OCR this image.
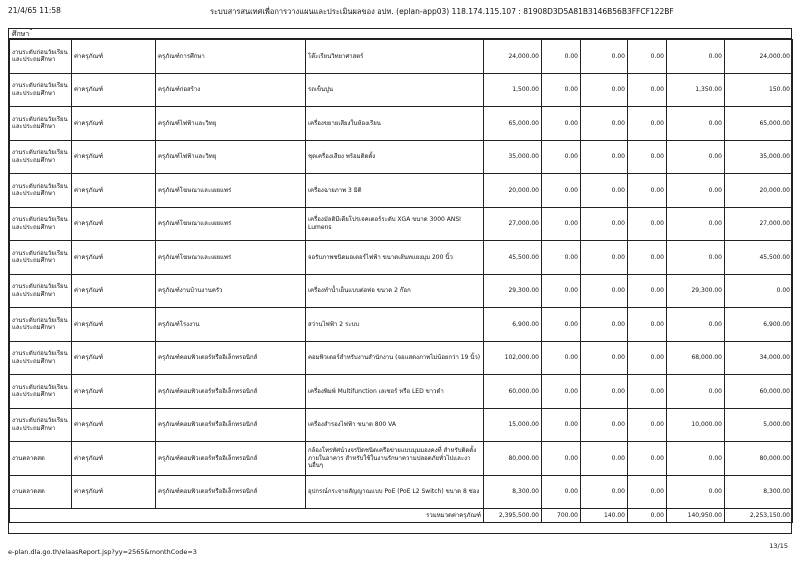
21/4/65 11:58	ระบบสารสนเทศเพื่อการวางแผนและประเมินผลของ อปท. (eplan-app03) 118.174.115.107 : 81908D3D5A81B3146B56B3FFCF122BF
ศึกษา
งานระดับก่อนวัยเรียนและประถมศึกษา	ค่าครุภัณฑ์	ครุภัณฑ์การศึกษา	โต๊ะเรียนวิทยาศาสตร์	24,000.00	0.00	0.00	0.00	0.00	24,000.00
งานระดับก่อนวัยเรียนและประถมศึกษา	ค่าครุภัณฑ์	ครุภัณฑ์ก่อสร้าง	รถเข็นปูน	1,500.00	0.00	0.00	0.00	1,350.00	150.00
งานระดับก่อนวัยเรียนและประถมศึกษา	ค่าครุภัณฑ์	ครุภัณฑ์ไฟฟ้าและวิทยุ	เครื่องขยายเสียงในห้องเรียน	65,000.00	0.00	0.00	0.00	0.00	65,000.00
งานระดับก่อนวัยเรียนและประถมศึกษา	ค่าครุภัณฑ์	ครุภัณฑ์ไฟฟ้าและวิทยุ	ชุดเครื่องเสียง พร้อมติดตั้ง	35,000.00	0.00	0.00	0.00	0.00	35,000.00
งานระดับก่อนวัยเรียนและประถมศึกษา	ค่าครุภัณฑ์	ครุภัณฑ์โฆษณาและเผยแพร่	เครื่องฉายภาพ 3 มิติ	20,000.00	0.00	0.00	0.00	0.00	20,000.00
งานระดับก่อนวัยเรียนและประถมศึกษา	ค่าครุภัณฑ์	ครุภัณฑ์โฆษณาและเผยแพร่	เครื่องมัลติมีเดียโปรเจคเตอร์ระดับ XGA ขนาด 3000 ANSI Lumens	27,000.00	0.00	0.00	0.00	0.00	27,000.00
งานระดับก่อนวัยเรียนและประถมศึกษา	ค่าครุภัณฑ์	ครุภัณฑ์โฆษณาและเผยแพร่	จอรับภาพชนิดมอเตอร์ไฟฟ้า ขนาดเส้นทแยงมุม 200 นิ้ว	45,500.00	0.00	0.00	0.00	0.00	45,500.00
งานระดับก่อนวัยเรียนและประถมศึกษา	ค่าครุภัณฑ์	ครุภัณฑ์งานบ้านงานครัว	เครื่องทำน้ำเย็นแบบต่อท่อ ขนาด 2 ก๊อก	29,300.00	0.00	0.00	0.00	29,300.00	0.00
งานระดับก่อนวัยเรียนและประถมศึกษา	ค่าครุภัณฑ์	ครุภัณฑ์โรงงาน	สว่านไฟฟ้า 2 ระบบ	6,900.00	0.00	0.00	0.00	0.00	6,900.00
งานระดับก่อนวัยเรียนและประถมศึกษา	ค่าครุภัณฑ์	ครุภัณฑ์คอมพิวเตอร์หรืออิเล็กทรอนิกส์	คอมพิวเตอร์สำหรับงานสำนักงาน (จอแสดงภาพไม่น้อยกว่า 19 นิ้ว)	102,000.00	0.00	0.00	0.00	68,000.00	34,000.00
งานระดับก่อนวัยเรียนและประถมศึกษา	ค่าครุภัณฑ์	ครุภัณฑ์คอมพิวเตอร์หรืออิเล็กทรอนิกส์	เครื่องพิมพ์ Multifunction เลเซอร์ หรือ LED ขาวดำ	60,000.00	0.00	0.00	0.00	0.00	60,000.00
งานระดับก่อนวัยเรียนและประถมศึกษา	ค่าครุภัณฑ์	ครุภัณฑ์คอมพิวเตอร์หรืออิเล็กทรอนิกส์	เครื่องสำรองไฟฟ้า ขนาด 800 VA	15,000.00	0.00	0.00	0.00	10,000.00	5,000.00
งานตลาดสด	ค่าครุภัณฑ์	ครุภัณฑ์คอมพิวเตอร์หรืออิเล็กทรอนิกส์	กล้องโทรทัศน์วงจรปิดชนิดเครือข่ายแบบมุมมองคงที่ สำหรับติดตั้งภายในอาคาร สำหรับใช้ในงานรักษาความปลอดภัยทั่วไปและงานอื่นๆ	80,000.00	0.00	0.00	0.00	0.00	80,000.00
งานตลาดสด	ค่าครุภัณฑ์	ครุภัณฑ์คอมพิวเตอร์หรืออิเล็กทรอนิกส์	อุปกรณ์กระจายสัญญาณแบบ PoE (PoE L2 Switch) ขนาด 8 ช่อง	8,300.00	0.00	0.00	0.00	0.00	8,300.00
รวมหมวดค่าครุภัณฑ์				2,395,500.00	700.00	140.00	0.00	140,950.00	2,253,150.00
e-plan.dla.go.th/elaasReport.jsp?yy=2565&monthCode=3
13/15
